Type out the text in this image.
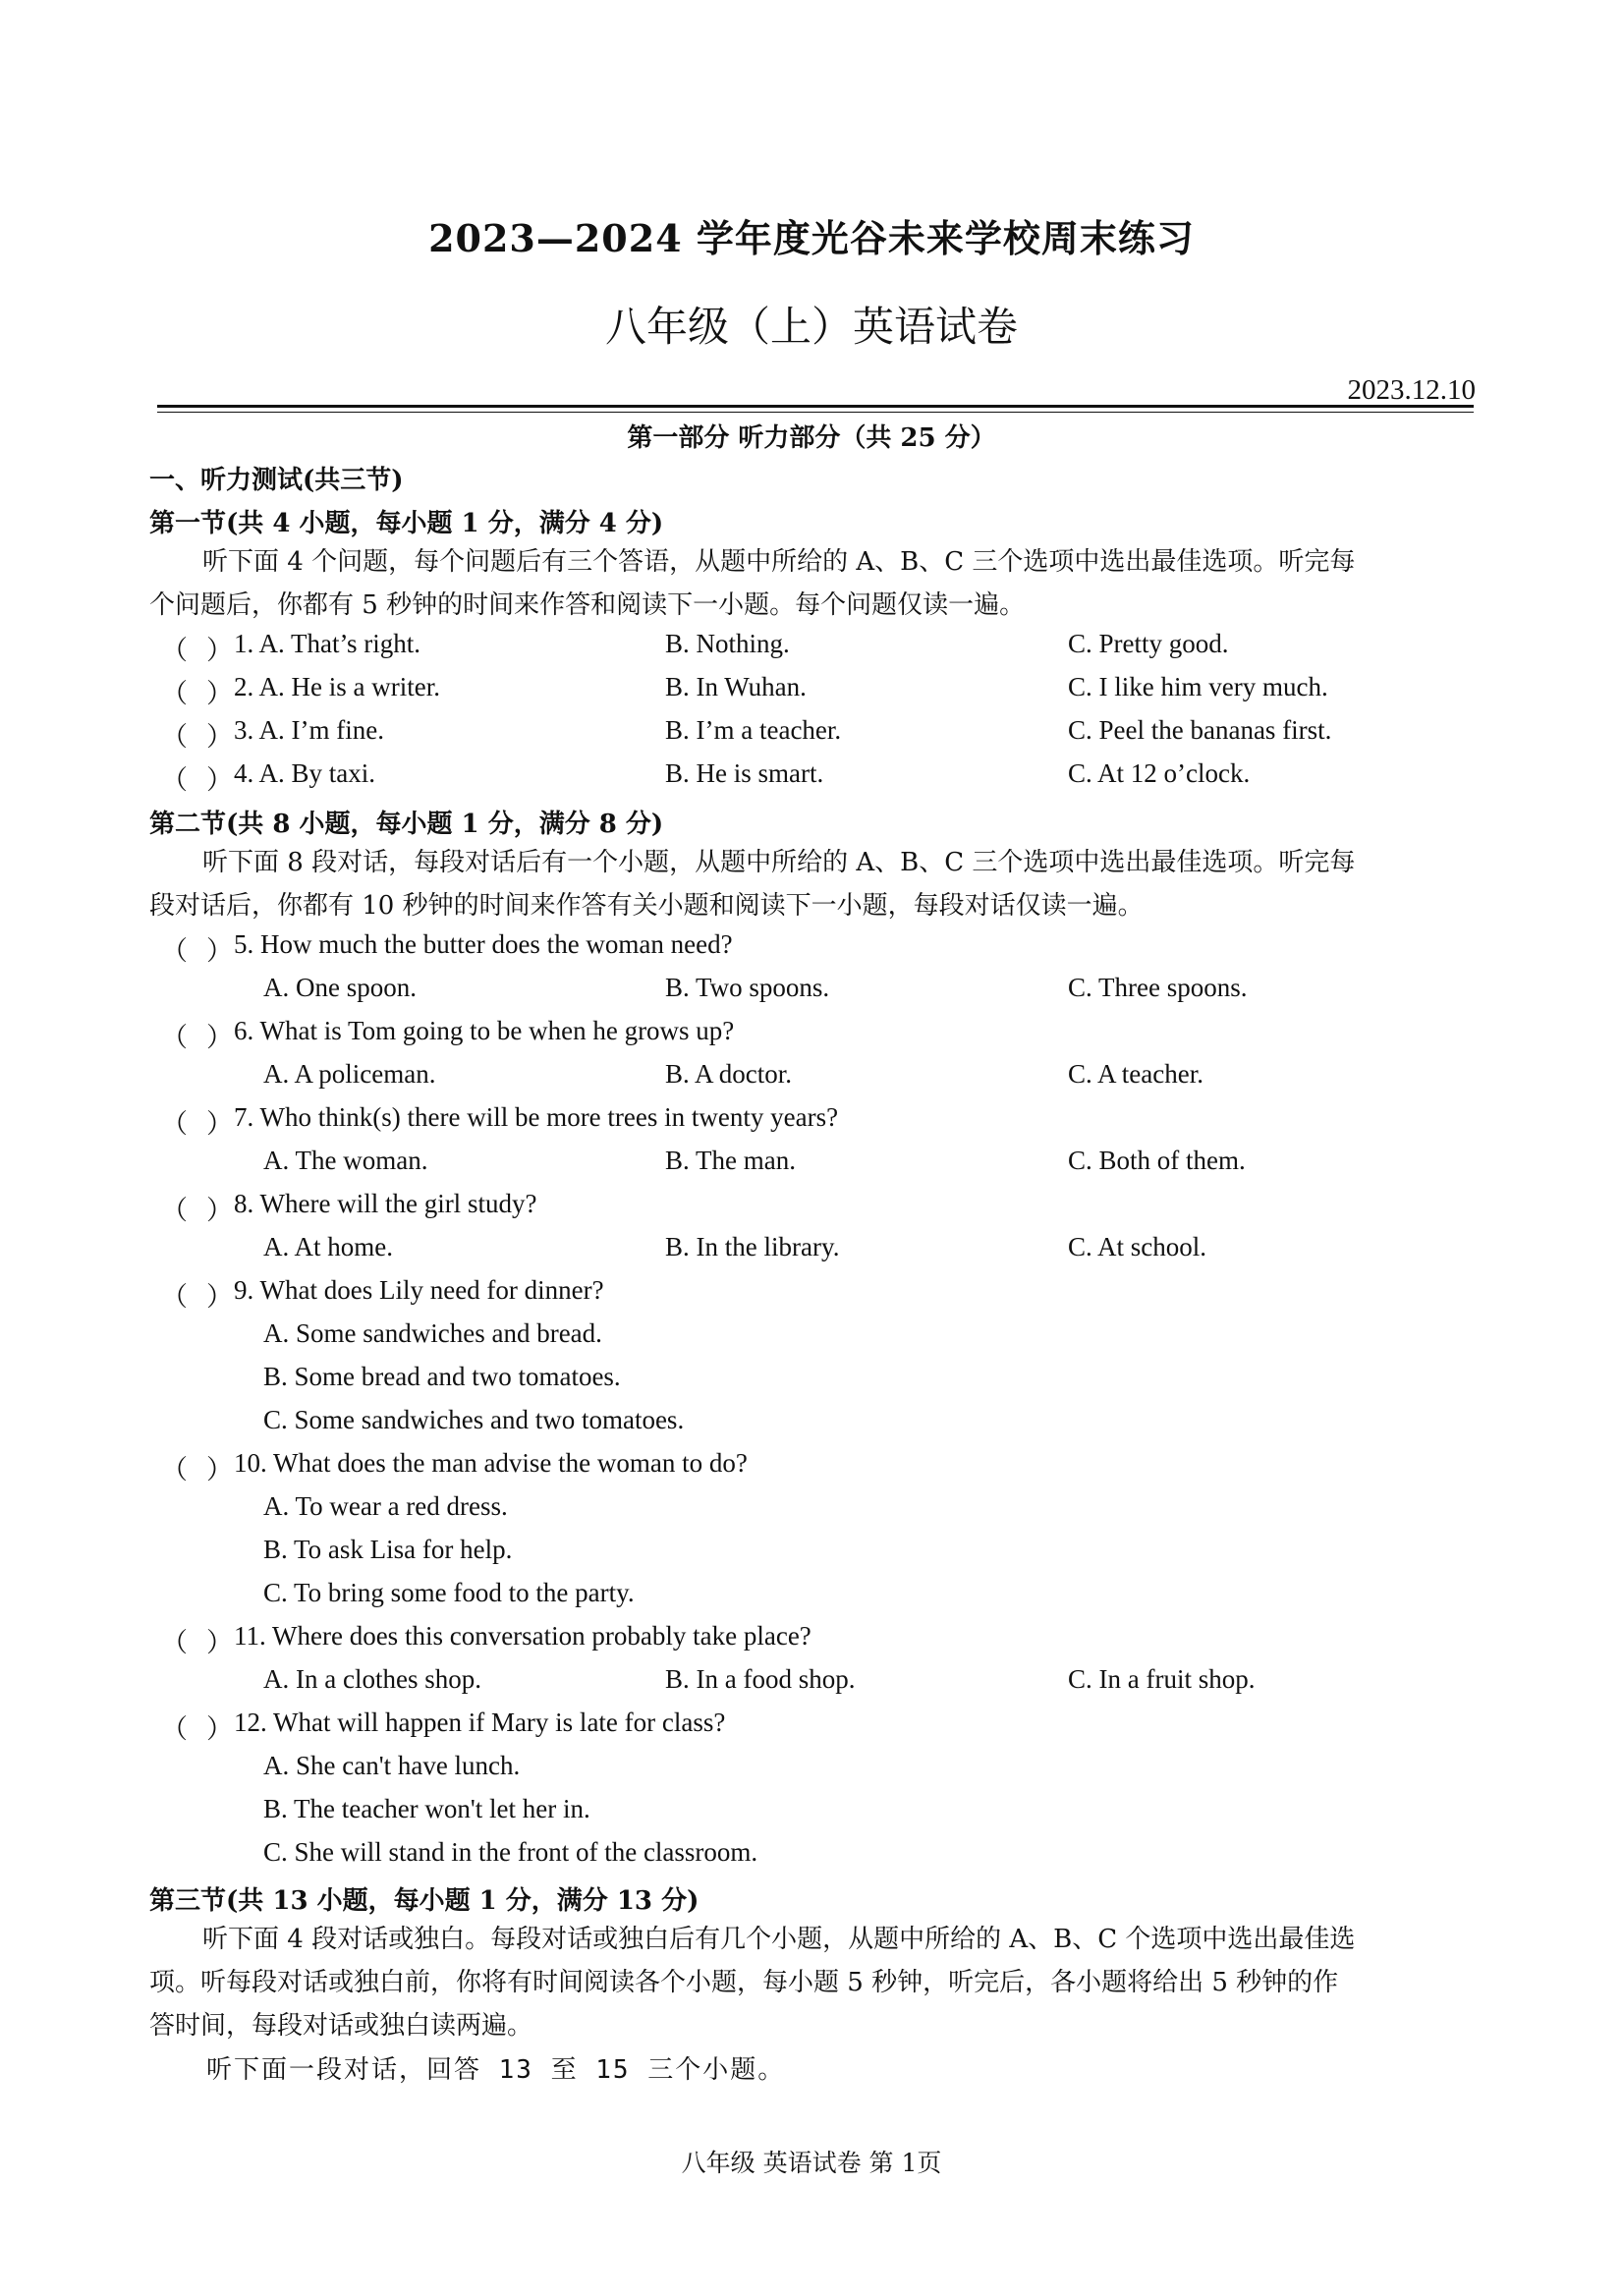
2023—2024 学年度光谷未来学校周末练习
八年级（上）英语试卷
2023.12.10
第一部分 听力部分（共 25 分）
一、听力测试(共三节)
第一节(共 4 小题，每小题 1 分，满分 4 分)
听下面 4 个问题，每个问题后有三个答语，从题中所给的 A、B、C 三个选项中选出最佳选项。听完每
个问题后，你都有 5 秒钟的时间来作答和阅读下一小题。每个问题仅读一遍。
（ ） 1. A. That’s right.	B. Nothing.	C. Pretty good.
（ ） 2. A. He is a writer.	B. In Wuhan.	C. I like him very much.
（ ） 3. A. I’m fine.	B. I’m a teacher.	C. Peel the bananas first.
（ ） 4. A. By taxi.	B. He is smart.	C. At 12 o’clock.
第二节(共 8 小题，每小题 1 分，满分 8 分)
听下面 8 段对话，每段对话后有一个小题，从题中所给的 A、B、C 三个选项中选出最佳选项。听完每
段对话后，你都有 10 秒钟的时间来作答有关小题和阅读下一小题，每段对话仅读一遍。
（ ） 5. How much the butter does the woman need?
A. One spoon.	B. Two spoons.	C. Three spoons.
（ ） 6. What is Tom going to be when he grows up?
A. A policeman.	B. A doctor.	C. A teacher.
（ ） 7. Who think(s) there will be more trees in twenty years?
A. The woman.	B. The man.	C. Both of them.
（ ） 8. Where will the girl study?
A. At home.	B. In the library.	C. At school.
（ ） 9. What does Lily need for dinner?
A. Some sandwiches and bread.
B. Some bread and two tomatoes.
C. Some sandwiches and two tomatoes.
（ ） 10. What does the man advise the woman to do?
A. To wear a red dress.
B. To ask Lisa for help.
C. To bring some food to the party.
（ ） 11. Where does this conversation probably take place?
A. In a clothes shop.	B. In a food shop.	C. In a fruit shop.
（ ） 12. What will happen if Mary is late for class?
A. She can't have lunch.
B. The teacher won't let her in.
C. She will stand in the front of the classroom.
第三节(共 13 小题，每小题 1 分，满分 13 分)
听下面 4 段对话或独白。每段对话或独白后有几个小题，从题中所给的 A、B、C 个选项中选出最佳选
项。听每段对话或独白前，你将有时间阅读各个小题，每小题 5 秒钟，听完后，各小题将给出 5 秒钟的作
答时间，每段对话或独白读两遍。
听下面一段对话，回答 13 至 15 三个小题。
八年级 英语试卷 第 1页
